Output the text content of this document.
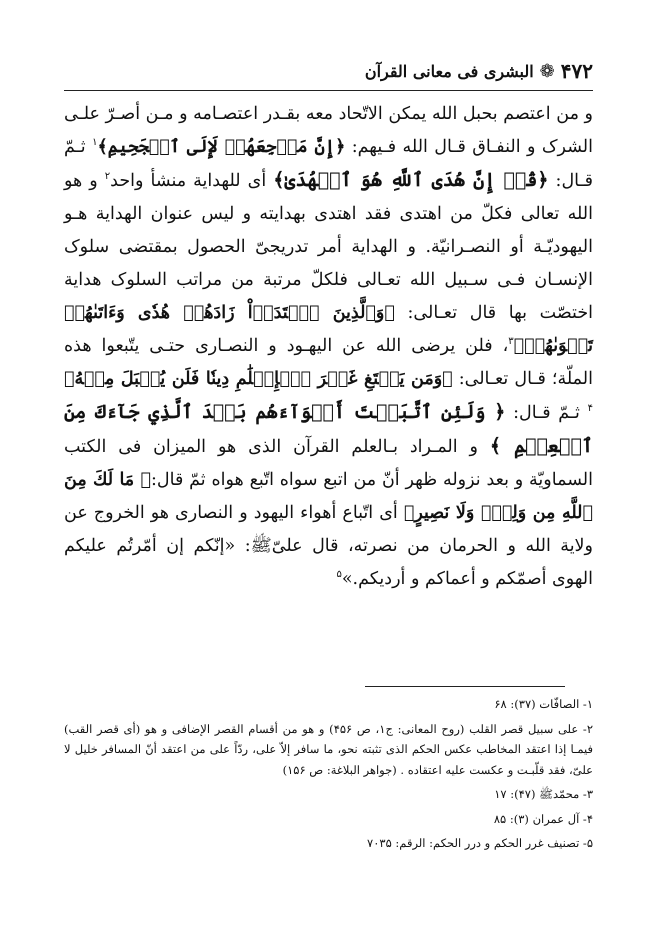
۴۷۲
❁
البشری فی معانی القرآن
و من اعتصم بحبل الله یمکن الاتّحاد معه بقـدر اعتصـامه و مـن أصـرّ علـی الشرک و النفـاق قـال الله فـیهم: ﴿إِنَّ مَرۡجِعَهُمۡ لَإِلَى ٱلۡجَحِيمِ﴾$^١$ ثـمّ قـال: ﴿قُلۡ إِنَّ هُدَى ٱللَّهِ هُوَ ٱلۡهُدَىٰ﴾ أی للهدایة منشأ واحد$^٢$ و هو الله تعالی فکلّ من اهتدی فقد اهتدی بهدایته و لیس عنوان الهدایة هـو الیهودیّـة أو النصـرانیّة. و الهدایة أمر تدریجیّ الحصول بمقتضی سلوک الإنسـان فـی سـبیل الله تعـالی فلکلّ مرتبة من مراتب السلوک هدایة اختصّت بها قال تعـالی: ﴿وَٱلَّذِينَ ٱهۡتَدَوۡاْ زَادَهُمۡ هُدٗى وَءَاتَىٰهُمۡ تَقۡوَىٰهُمۡ﴾$^٣$، فلن یرضی الله عن الیهـود و النصـاری حتـی یتّبعوا هذه الملّة؛ قـال تعـالی: ﴿وَمَن يَبۡتَغِ غَيۡرَ ٱلۡإِسۡلَٰمِ دِينٗا فَلَن يُقۡبَلَ مِنۡهُ﴾$^۴$ ثـمّ قـال: ﴿ وَلَئِنِ ٱتَّبَعۡتَ أَهۡوَآءَهُم بَعۡدَ ٱلَّذِي جَآءَكَ مِنَ ٱلۡعِلۡمِ ﴾ و المـراد بـالعلم القرآن الذی هو المیزان فی الکتب السماویّة و بعد نزوله ظهر أنّ من اتبع سواه اتّبع هواه ثمّ قال:﴿ مَا لَكَ مِنَ ٱللَّهِ مِن وَلِيّٖ وَلَا نَصِيرٍ﴾ أی اتّباع أهواء الیهود و النصاری هو الخروج عن ولایة الله و الحرمان من نصرته، قال علیّﷺ: «إنّکم إن أمّرتُم علیکم الهوی أصمّکم و أعماکم و أردیکم.»$^۵$
١- الصافّات (٣٧): ۶٨
٢- علی سبیل قصر القلب (روح المعانی: ج١، ص ۴۵۶) و هو من أقسام القصر الإضافی و هو (أی قصر القب) فیمـا إذا اعتقد المخاطب عکس الحکم الذی تثبته نحو، ما سافر إلاّ علی، ردّاً علی من اعتقد أنّ المسافر خلیل لا علیّ، فقد قلّبـت و عکست علیه اعتقاده . (جواهر البلاغة: ص ١۵۶)
٣- محمّدﷺ (۴٧): ١٧
۴- آل عمران (٣): ٨۵
۵- تصنیف غرر الحکم و درر الحکم: الرقم: ٧٠٣۵
